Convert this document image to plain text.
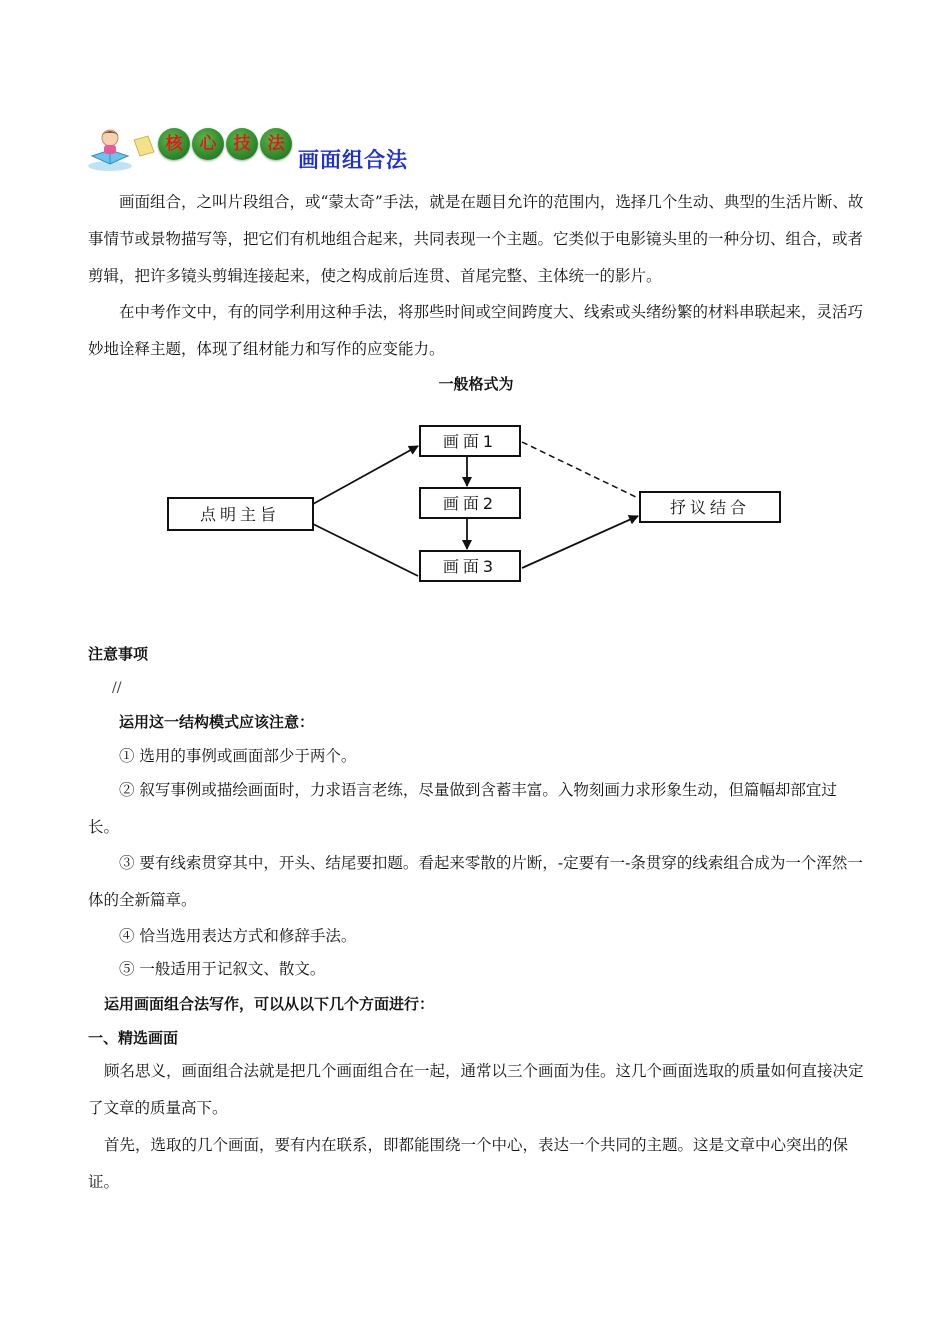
核	心	技	法
画面组合法

画面组合，之叫片段组合，或“蒙太奇”手法，就是在题目允许的范围内，选择几个生动、典型的生活片断、故事情节或景物描写等，把它们有机地组合起来，共同表现一个主题。它类似于电影镜头里的一种分切、组合，或者剪辑，把许多镜头剪辑连接起来，使之构成前后连贯、首尾完整、主体统一的影片。

在中考作文中，有的同学利用这种手法，将那些时间或空间跨度大、线索或头绪纷繁的材料串联起来，灵活巧妙地诠释主题，体现了组材能力和写作的应变能力。

一般格式为

点明主旨
画面1
画面2
画面3
抒议结合

注意事项

//

运用这一结构模式应该注意：

① 选用的事例或画面部少于两个。

② 叙写事例或描绘画面时，力求语言老练，尽量做到含蓄丰富。入物刻画力求形象生动，但篇幅却部宜过长。

③ 要有线索贯穿其中，开头、结尾要扣题。看起来零散的片断，-定要有一-条贯穿的线索组合成为一个浑然一体的全新篇章。

④ 恰当选用表达方式和修辞手法。

⑤ 一般适用于记叙文、散文。

运用画面组合法写作，可以从以下几个方面进行：

一、精选画面

顾名思义，画面组合法就是把几个画面组合在一起，通常以三个画面为佳。这几个画面选取的质量如何直接决定了文章的质量高下。

首先，选取的几个画面，要有内在联系，即都能围绕一个中心，表达一个共同的主题。这是文章中心突出的保证。
